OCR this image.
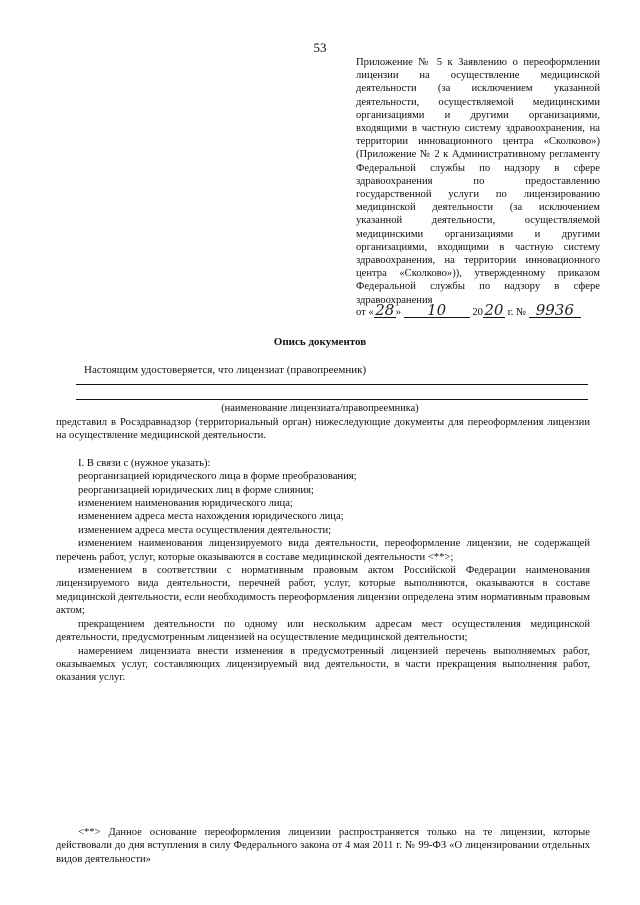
53
Приложение № 5 к Заявлению о переоформлении лицензии на осуществление медицинской деятельности (за исключением указанной деятельности, осуществляемой медицинскими организациями и другими организациями, входящими в частную систему здравоохранения, на территории инновационного центра «Сколково») (Приложение № 2 к Административному регламенту Федеральной службы по надзору в сфере здравоохранения по предоставлению государственной услуги по лицензированию медицинской деятельности (за исключением указанной деятельности, осуществляемой медицинскими организациями и другими организациями, входящими в частную систему здравоохранения, на территории инновационного центра «Сколково»)), утвержденному приказом Федеральной службы по надзору в сфере здравоохранения
от «28» 10 2020 г. № 9936
Опись документов
Настоящим удостоверяется, что лицензиат (правопреемник)
(наименование лицензиата/правопреемника)

представил в Росздравнадзор (территориальный орган) нижеследующие документы для переоформления лицензии на осуществление медицинской деятельности.

I. В связи с (нужное указать):

реорганизацией юридического лица в форме преобразования;

реорганизацией юридических лиц в форме слияния;

изменением наименования юридического лица;

изменением адреса места нахождения юридического лица;

изменением адреса места осуществления деятельности;

изменением наименования лицензируемого вида деятельности, переоформление лицензии, не содержащей перечень работ, услуг, которые оказываются в составе медицинской деятельности <**>;

изменением в соответствии с нормативным правовым актом Российской Федерации наименования лицензируемого вида деятельности, перечней работ, услуг, которые выполняются, оказываются в составе медицинской деятельности, если необходимость переоформления лицензии определена этим нормативным правовым актом;

прекращением деятельности по одному или нескольким адресам мест осуществления медицинской деятельности, предусмотренным лицензией на осуществление медицинской деятельности;

намерением лицензиата внести изменения в предусмотренный лицензией перечень выполняемых работ, оказываемых услуг, составляющих лицензируемый вид деятельности, в части прекращения выполнения работ, оказания услуг.

<**> Данное основание переоформления лицензии распространяется только на те лицензии, которые действовали до дня вступления в силу Федерального закона от 4 мая 2011 г. № 99-ФЗ «О лицензировании отдельных видов деятельности»
